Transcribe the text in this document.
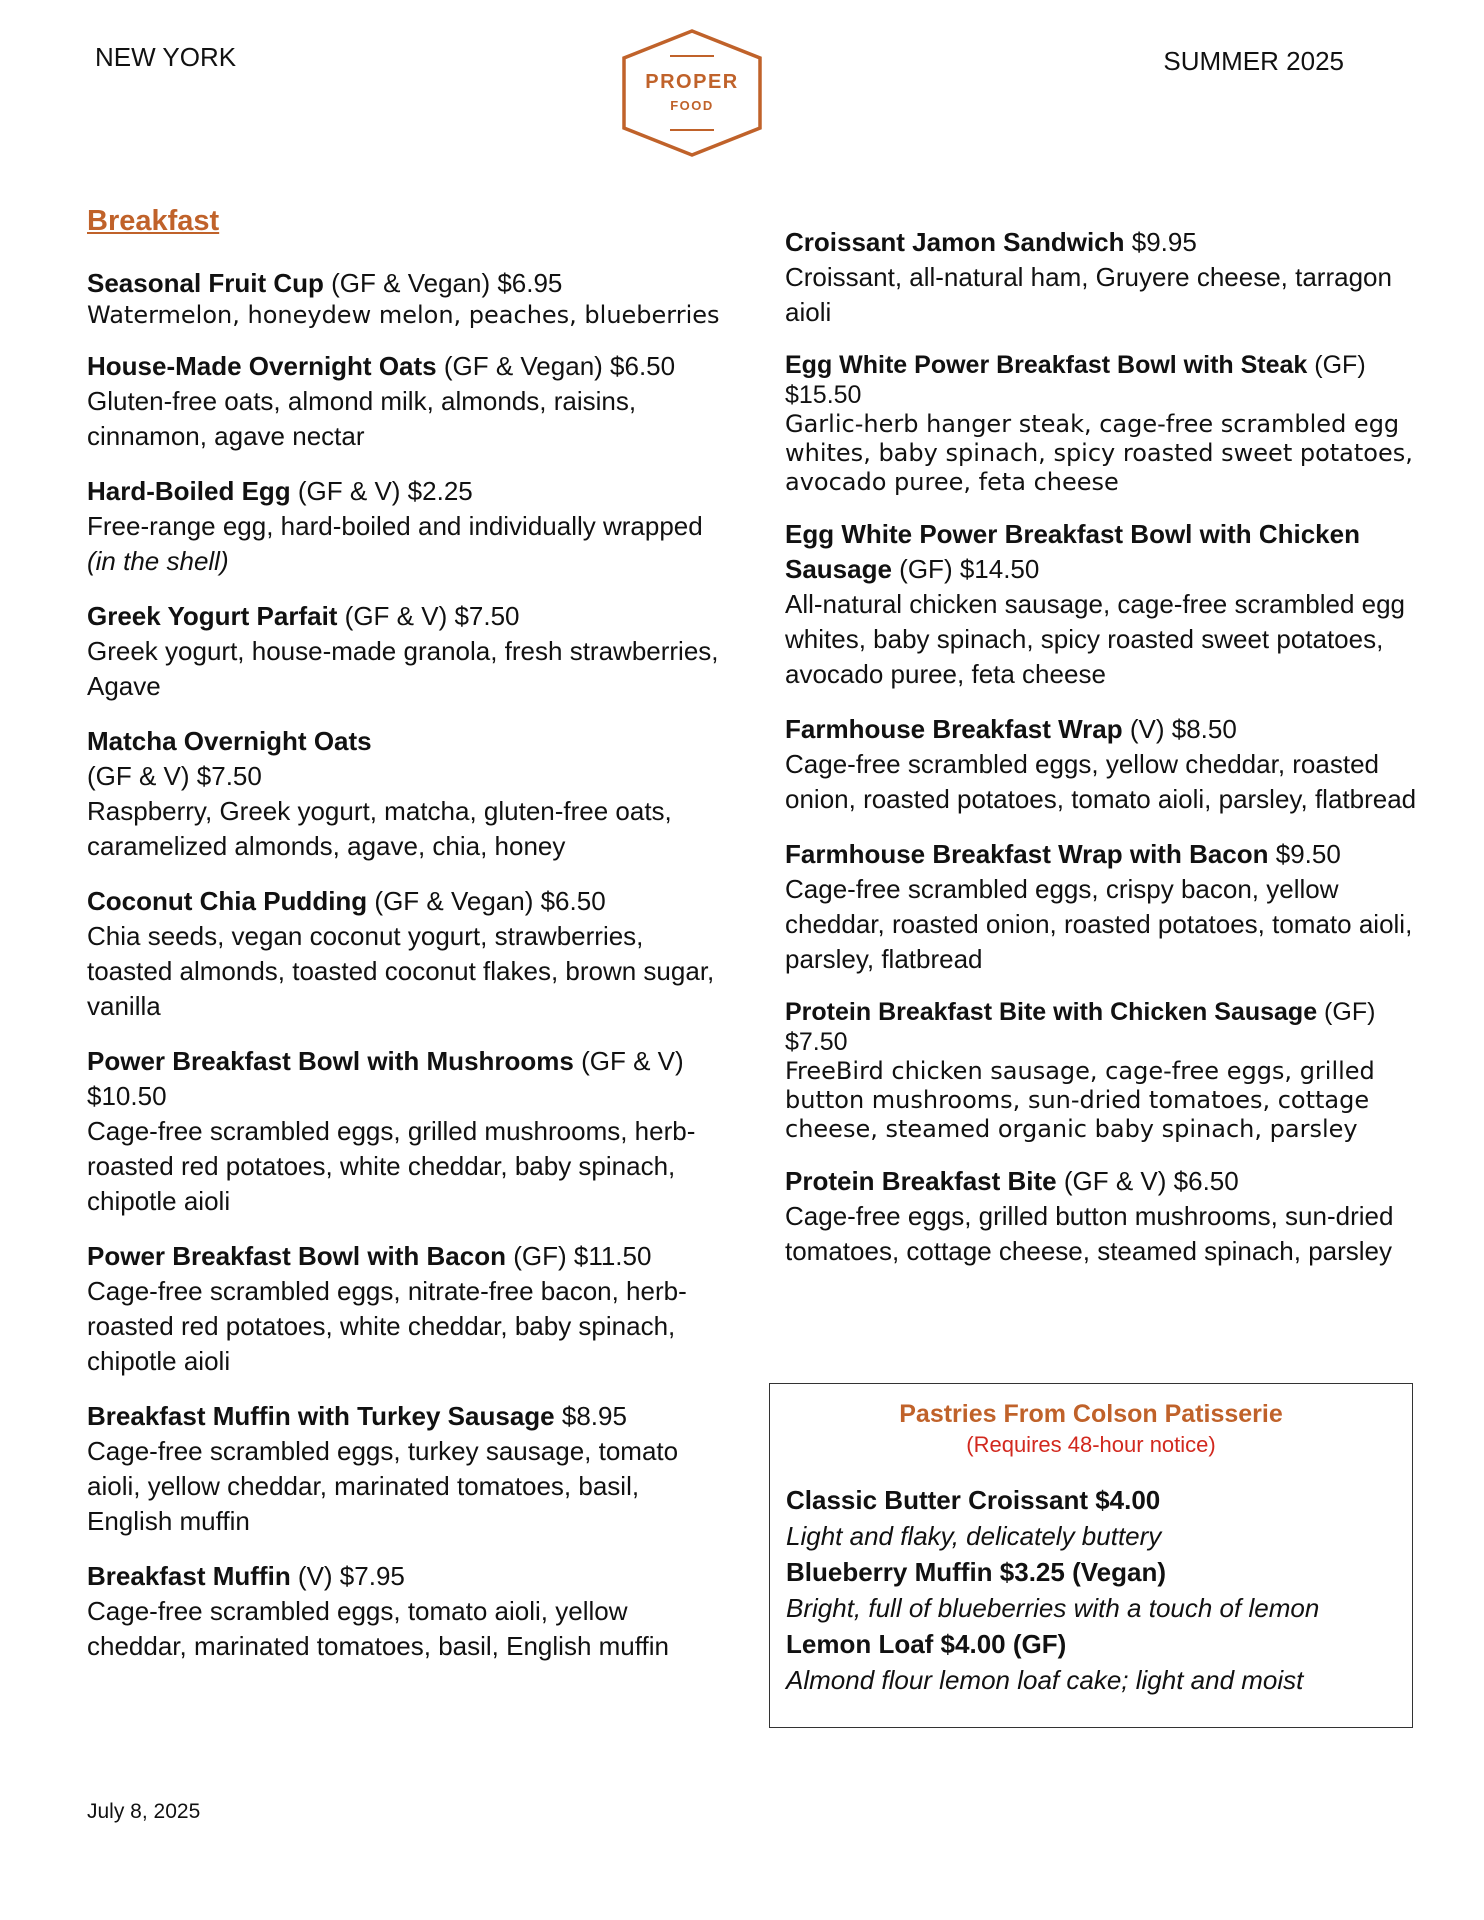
NEW YORK	SUMMER 2025
PROPER
FOOD
Breakfast
Seasonal Fruit Cup (GF & Vegan) $6.95
Watermelon, honeydew melon, peaches, blueberries
House-Made Overnight Oats (GF & Vegan) $6.50
Gluten-free oats, almond milk, almonds, raisins, cinnamon, agave nectar
Hard-Boiled Egg (GF & V) $2.25
Free-range egg, hard-boiled and individually wrapped (in the shell)
Greek Yogurt Parfait (GF & V) $7.50
Greek yogurt, house-made granola, fresh strawberries, Agave
Matcha Overnight Oats
(GF & V) $7.50
Raspberry, Greek yogurt, matcha, gluten-free oats, caramelized almonds, agave, chia, honey
Coconut Chia Pudding (GF & Vegan) $6.50
Chia seeds, vegan coconut yogurt, strawberries, toasted almonds, toasted coconut flakes, brown sugar, vanilla
Power Breakfast Bowl with Mushrooms (GF & V) $10.50
Cage-free scrambled eggs, grilled mushrooms, herb-roasted red potatoes, white cheddar, baby spinach, chipotle aioli
Power Breakfast Bowl with Bacon (GF) $11.50
Cage-free scrambled eggs, nitrate-free bacon, herb-roasted red potatoes, white cheddar, baby spinach, chipotle aioli
Breakfast Muffin with Turkey Sausage $8.95
Cage-free scrambled eggs, turkey sausage, tomato aioli, yellow cheddar, marinated tomatoes, basil, English muffin
Breakfast Muffin (V) $7.95
Cage-free scrambled eggs, tomato aioli, yellow cheddar, marinated tomatoes, basil, English muffin
Croissant Jamon Sandwich $9.95
Croissant, all-natural ham, Gruyere cheese, tarragon aioli
Egg White Power Breakfast Bowl with Steak (GF) $15.50
Garlic-herb hanger steak, cage-free scrambled egg whites, baby spinach, spicy roasted sweet potatoes, avocado puree, feta cheese
Egg White Power Breakfast Bowl with Chicken Sausage (GF) $14.50
All-natural chicken sausage, cage-free scrambled egg whites, baby spinach, spicy roasted sweet potatoes, avocado puree, feta cheese
Farmhouse Breakfast Wrap (V) $8.50
Cage-free scrambled eggs, yellow cheddar, roasted onion, roasted potatoes, tomato aioli, parsley, flatbread
Farmhouse Breakfast Wrap with Bacon $9.50
Cage-free scrambled eggs, crispy bacon, yellow cheddar, roasted onion, roasted potatoes, tomato aioli, parsley, flatbread
Protein Breakfast Bite with Chicken Sausage (GF) $7.50
FreeBird chicken sausage, cage-free eggs, grilled button mushrooms, sun-dried tomatoes, cottage cheese, steamed organic baby spinach, parsley
Protein Breakfast Bite (GF & V) $6.50
Cage-free eggs, grilled button mushrooms, sun-dried tomatoes, cottage cheese, steamed spinach, parsley
Pastries From Colson Patisserie
(Requires 48-hour notice)
Classic Butter Croissant $4.00
Light and flaky, delicately buttery
Blueberry Muffin $3.25 (Vegan)
Bright, full of blueberries with a touch of lemon
Lemon Loaf $4.00 (GF)
Almond flour lemon loaf cake; light and moist
July 8, 2025
